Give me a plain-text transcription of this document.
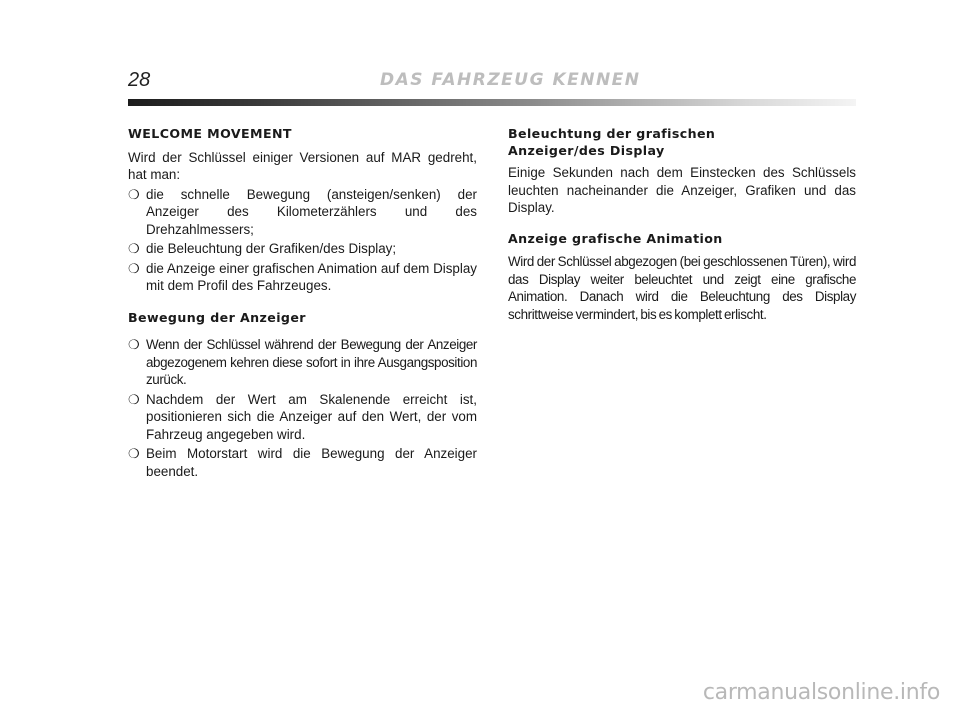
28	DAS FAHRZEUG KENNEN
WELCOME MOVEMENT

Wird der Schlüssel einiger Versionen auf MAR gedreht, hat man:

❍ die schnelle Bewegung (ansteigen/senken) der Anzeiger des Kilometerzählers und des Drehzahlmessers;
❍ die Beleuchtung der Grafiken/des Display;
❍ die Anzeige einer grafischen Animation auf dem Display mit dem Profil des Fahrzeuges.
Bewegung der Anzeiger
❍ Wenn der Schlüssel während der Bewegung der Anzeiger abgezogenem kehren diese sofort in ihre Ausgangsposition zurück.
❍ Nachdem der Wert am Skalenende erreicht ist, positionieren sich die Anzeiger auf den Wert, der vom Fahrzeug angegeben wird.
❍ Beim Motorstart wird die Bewegung der Anzeiger beendet.
Beleuchtung der grafischen
Anzeiger/des Display

Einige Sekunden nach dem Einstecken des Schlüssels leuchten nacheinander die Anzeiger, Grafiken und das Display.

Anzeige grafische Animation

Wird der Schlüssel abgezogen (bei geschlossenen Türen), wird das Display weiter beleuchtet und zeigt eine grafische Animation. Danach wird die Beleuchtung des Display schrittweise vermindert, bis es komplett erlischt.

carmanualsonline.info
